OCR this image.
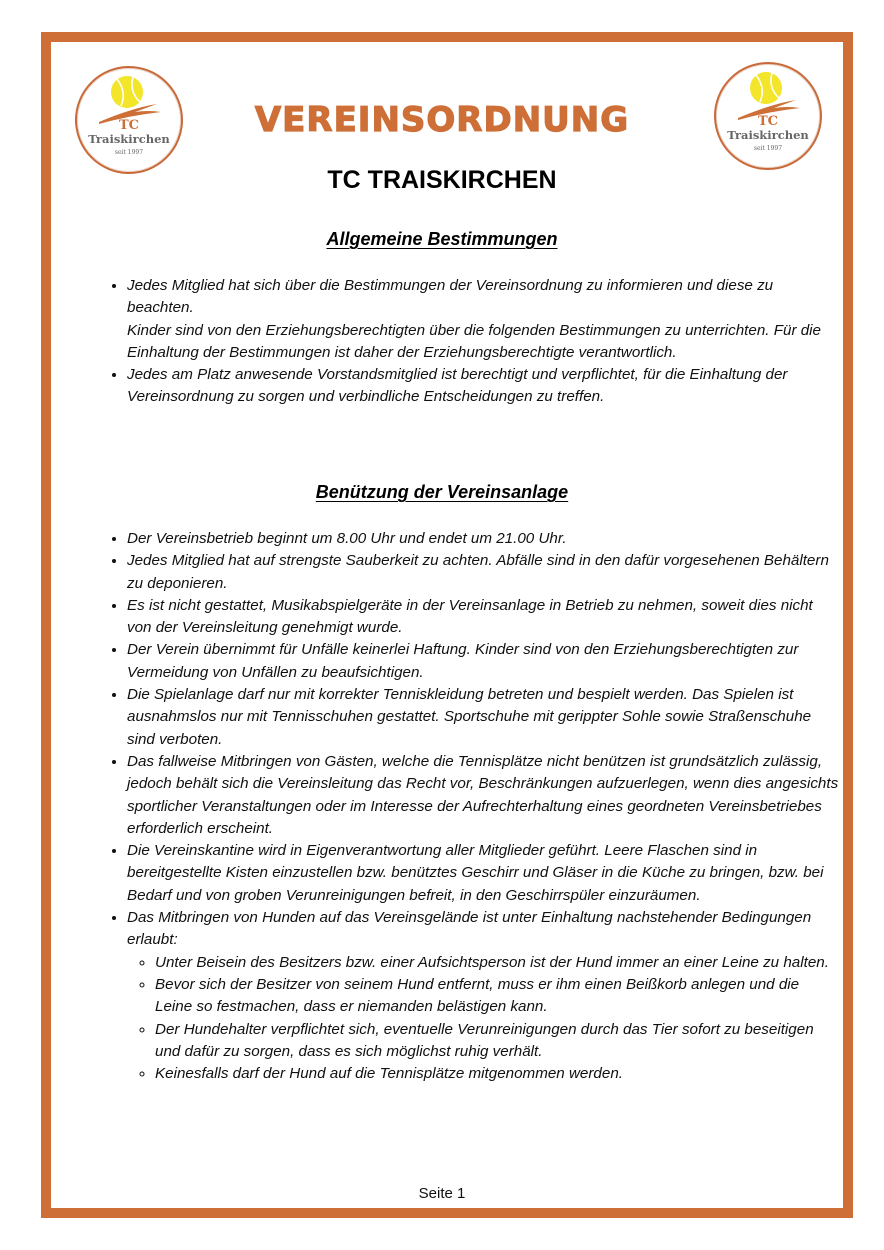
TC
Traiskirchen
seit 1997
TC
Traiskirchen
seit 1997
VEREINSORDNUNG
TC TRAISKIRCHEN
Allgemeine Bestimmungen
• Jedes Mitglied hat sich über die Bestimmungen der Vereinsordnung zu informieren und diese zu beachten.
Kinder sind von den Erziehungsberechtigten über die folgenden Bestimmungen zu unterrichten. Für die Einhaltung der Bestimmungen ist daher der Erziehungsberechtigte verantwortlich.
• Jedes am Platz anwesende Vorstandsmitglied ist berechtigt und verpflichtet, für die Einhaltung der Vereinsordnung zu sorgen und verbindliche Entscheidungen zu treffen.
Benützung der Vereinsanlage
• Der Vereinsbetrieb beginnt um 8.00 Uhr und endet um 21.00 Uhr.
• Jedes Mitglied hat auf strengste Sauberkeit zu achten. Abfälle sind in den dafür vorgesehenen Behältern zu deponieren.
• Es ist nicht gestattet, Musikabspielgeräte in der Vereinsanlage in Betrieb zu nehmen, soweit dies nicht von der Vereinsleitung genehmigt wurde.
• Der Verein übernimmt für Unfälle keinerlei Haftung. Kinder sind von den Erziehungsberechtigten zur Vermeidung von Unfällen zu beaufsichtigen.
• Die Spielanlage darf nur mit korrekter Tenniskleidung betreten und bespielt werden. Das Spielen ist ausnahmslos nur mit Tennisschuhen gestattet. Sportschuhe mit gerippter Sohle sowie Straßenschuhe sind verboten.
• Das fallweise Mitbringen von Gästen, welche die Tennisplätze nicht benützen ist grundsätzlich zulässig, jedoch behält sich die Vereinsleitung das Recht vor, Beschränkungen aufzuerlegen, wenn dies angesichts sportlicher Veranstaltungen oder im Interesse der Aufrechterhaltung eines geordneten Vereinsbetriebes erforderlich erscheint.
• Die Vereinskantine wird in Eigenverantwortung aller Mitglieder geführt. Leere Flaschen sind in bereitgestellte Kisten einzustellen bzw. benütztes Geschirr und Gläser in die Küche zu bringen, bzw. bei Bedarf und von groben Verunreinigungen befreit, in den Geschirrspüler einzuräumen.
• Das Mitbringen von Hunden auf das Vereinsgelände ist unter Einhaltung nachstehender Bedingungen erlaubt:
◦ Unter Beisein des Besitzers bzw. einer Aufsichtsperson ist der Hund immer an einer Leine zu halten.
◦ Bevor sich der Besitzer von seinem Hund entfernt, muss er ihm einen Beißkorb anlegen und die Leine so festmachen, dass er niemanden belästigen kann.
◦ Der Hundehalter verpflichtet sich, eventuelle Verunreinigungen durch das Tier sofort zu beseitigen und dafür zu sorgen, dass es sich möglichst ruhig verhält.
◦ Keinesfalls darf der Hund auf die Tennisplätze mitgenommen werden.
Seite 1
